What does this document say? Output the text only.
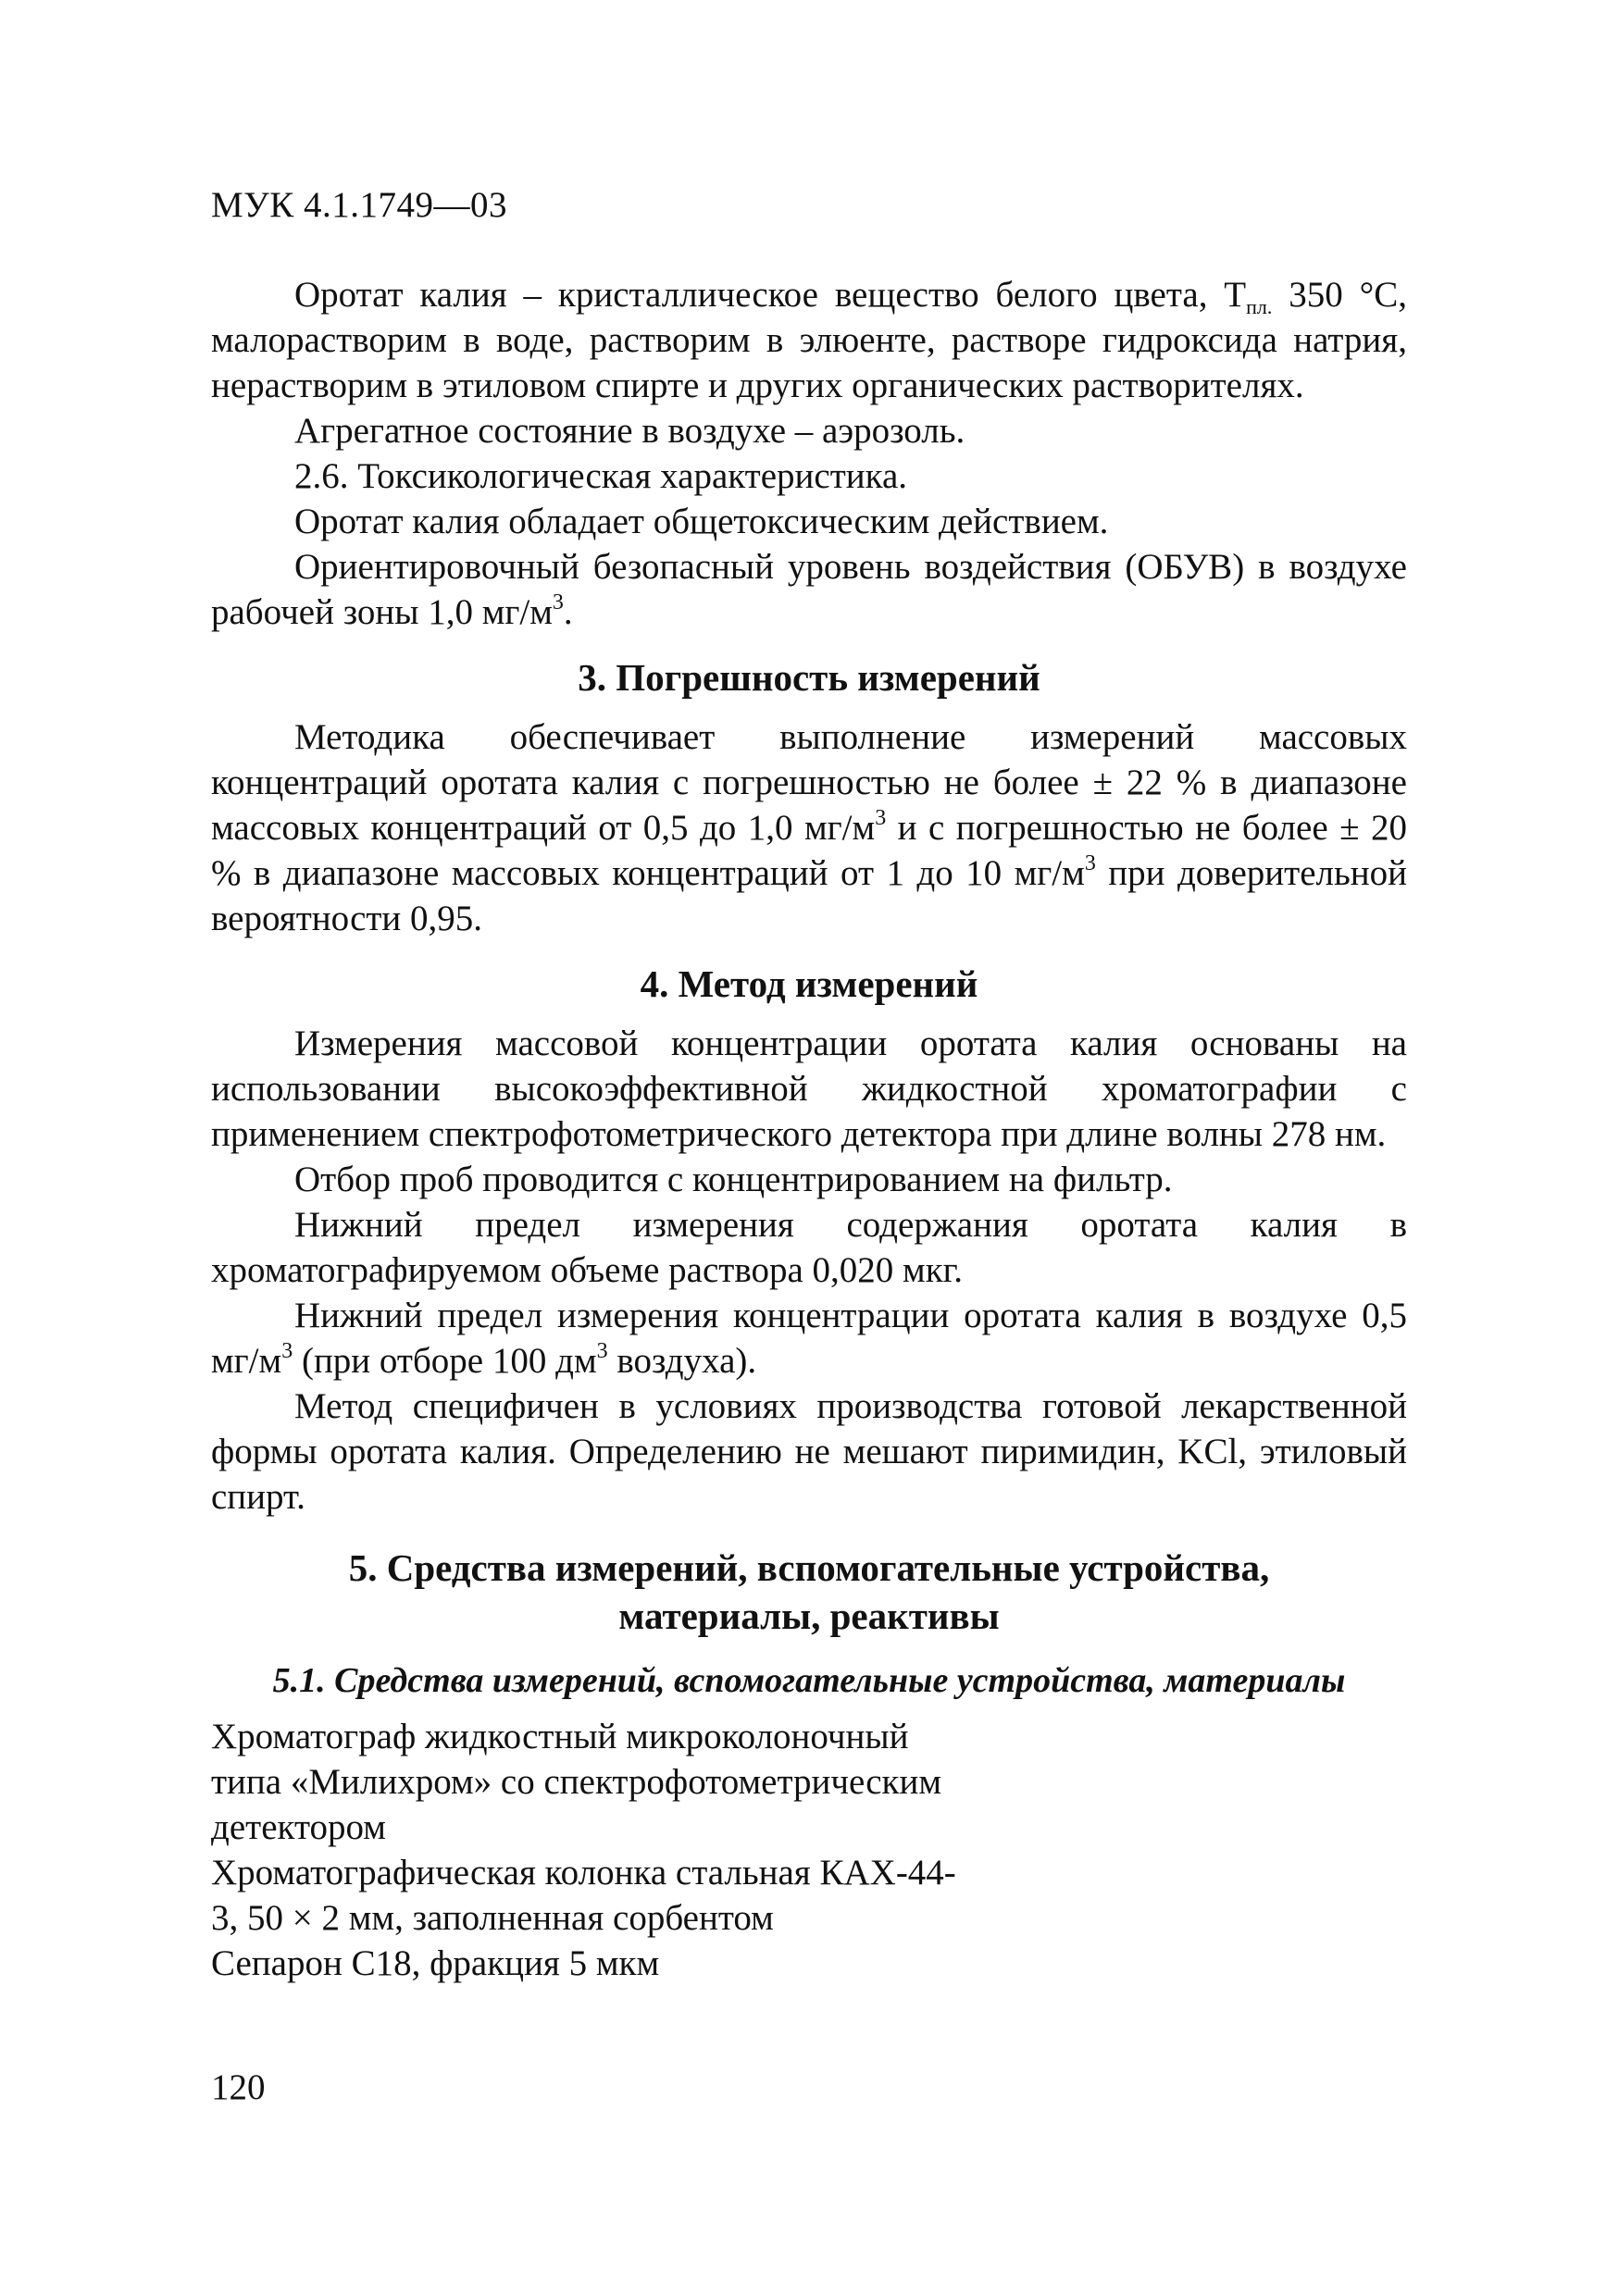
МУК 4.1.1749—03

Оротат калия – кристаллическое вещество белого цвета, $Т_{пл.}$ 350 °С, малорастворим в воде, растворим в элюенте, растворе гидроксида натрия, нерастворим в этиловом спирте и других органических растворителях.

Агрегатное состояние в воздухе – аэрозоль.

2.6. Токсикологическая характеристика.

Оротат калия обладает общетоксическим действием.

Ориентировочный безопасный уровень воздействия (ОБУВ) в воздухе рабочей зоны 1,0 $мг/м^3$.

3. Погрешность измерений

Методика обеспечивает выполнение измерений массовых концентраций оротата калия с погрешностью не более ± 22 % в диапазоне массовых концентраций от 0,5 до 1,0 $мг/м^3$ и с погрешностью не более ± 20 % в диапазоне массовых концентраций от 1 до 10 $мг/м^3$ при доверительной вероятности 0,95.

4. Метод измерений

Измерения массовой концентрации оротата калия основаны на использовании высокоэффективной жидкостной хроматографии с применением спектрофотометрического детектора при длине волны 278 нм.

Отбор проб проводится с концентрированием на фильтр.

Нижний предел измерения содержания оротата калия в хроматографируемом объеме раствора 0,020 мкг.

Нижний предел измерения концентрации оротата калия в воздухе 0,5 $мг/м^3$ (при отборе 100 $дм^3$ воздуха).

Метод специфичен в условиях производства готовой лекарственной формы оротата калия. Определению не мешают пиримидин, KCl, этиловый спирт.

5. Средства измерений, вспомогательные устройства,
материалы, реактивы
5.1. Средства измерений, вспомогательные устройства, материалы
Хроматограф жидкостный микроколоночный
типа «Милихром» со спектрофотометрическим
детектором
Хроматографическая колонка стальная КАХ-44-
3, 50 × 2 мм, заполненная сорбентом
Сепарон С18, фракция 5 мкм
120
